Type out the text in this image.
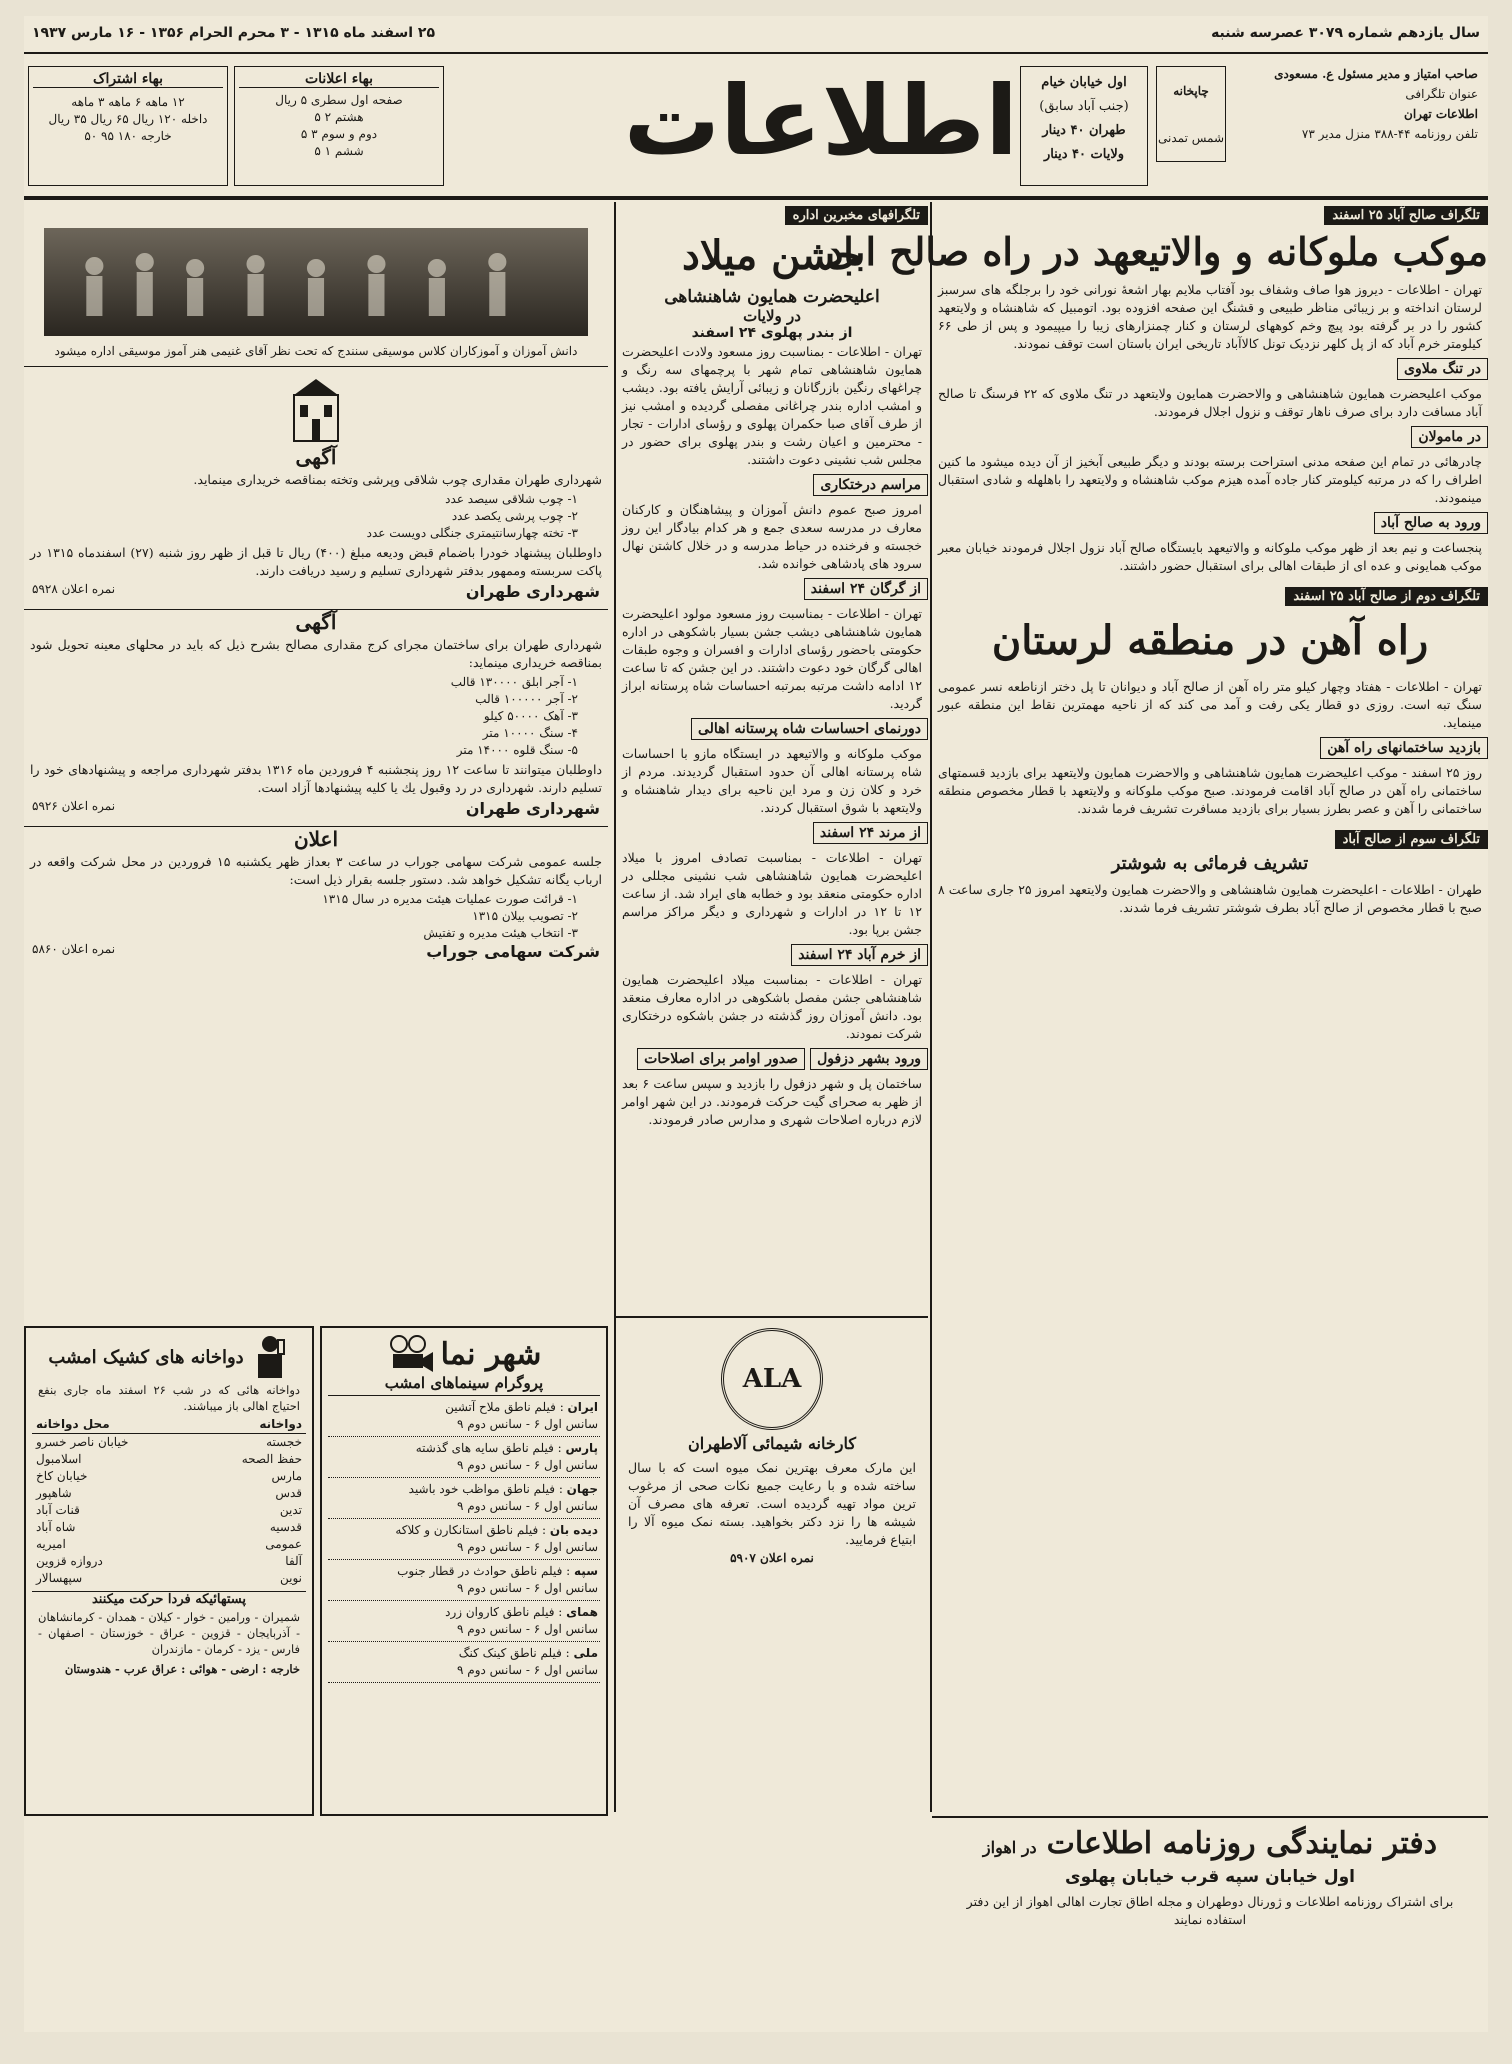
سال یازدهم شماره ۳۰۷۹ عصرسه شنبه
۲۵ اسفند ماه ۱۳۱۵ - ۳ محرم الحرام ۱۳۵۶ - ۱۶ مارس ۱۹۳۷
صاحب امتیاز و مدیر مسئول ع. مسعودی
عنوان تلگرافی
اطلاعات تهران
تلفن روزنامه ۴۴-۳۸۸ منزل مدیر ۷۳
چاپخانه
شمس تمدنی
اول خیابان خیام
(جنب آباد سابق)
طهران ۴۰ دینار
ولایات ۴۰ دینار
اطلاعات
بهاء اعلانات
صفحه اول سطری ۵ ریال
هشتم ۲ ۵
دوم و سوم ۳ ۵
ششم ۱ ۵
بهاء اشتراک
۱۲ ماهه ۶ ماهه ۳ ماهه
داخله ۱۲۰ ریال ۶۵ ریال ۳۵ ریال
خارجه ۱۸۰ ۹۵ ۵۰
تلگراف صالح آباد ۲۵ اسفند
موکب ملوکانه و والاتیعهد در راه صالح اباد
تهران - اطلاعات - دیروز هوا صاف وشفاف بود آفتاب ملایم بهار اشعهٔ نورانی خود را برجلگه های سرسبز لرستان انداخته و بر زیبائی مناظر طبیعی و قشنگ این صفحه افزوده بود. اتومبیل که شاهنشاه و ولایتعهد کشور را در بر گرفته بود پیچ وخم کوههای لرستان و کنار چمنزارهای زیبا را میپیمود و پس از طی ۶۶ کیلومتر خرم آباد که از پل کلهر نزدیک تونل کالاآباد تاریخی ایران باستان است توقف نمودند.
در تنگ ملاوی
موکب اعلیحضرت همایون شاهنشاهی و والاحضرت همایون ولایتعهد در تنگ ملاوی که ۲۲ فرسنگ تا صالح آباد مسافت دارد برای صرف ناهار توقف و نزول اجلال فرمودند.
در مامولان
چادرهائی در تمام این صفحه مدنی استراحت برسته بودند و دیگر طبیعی آبخیز از آن دیده میشود ما کنین اطراف را که در مرتبه کیلومتر کنار جاده آمده هیزم موکب شاهنشاه و ولایتعهد را باهلهله و شادی استقبال مینمودند.
ورود به صالح آباد
پنجساعت و نیم بعد از ظهر موکب ملوکانه و والاتیعهد بایستگاه صالح آباد نزول اجلال فرمودند خیابان معبر موکب همایونی و عده ای از طبقات اهالی برای استقبال حضور داشتند.
تلگراف دوم از صالح آباد ۲۵ اسفند
راه آهن در منطقه لرستان
تهران - اطلاعات - هفتاد وچهار کیلو متر راه آهن از صالح آباد و دیوانان تا پل دختر ازناطعه نسر عمومی سنگ تبه است. روزی دو قطار یکی رفت و آمد می کند که از ناحیه مهمترین نقاط این منطقه عبور مینماید.
بازدید ساختمانهای راه آهن
روز ۲۵ اسفند - موکب اعلیحضرت همایون شاهنشاهی و والاحضرت همایون ولایتعهد برای بازدید قسمتهای ساختمانی راه آهن در صالح آباد اقامت فرمودند. صبح موکب ملوکانه و ولایتعهد با قطار مخصوص منطقه ساختمانی را آهن و عصر بطرز بسیار برای بازدید مسافرت تشریف فرما شدند.
تلگراف سوم از صالح آباد
تشریف فرمائی به شوشتر
طهران - اطلاعات - اعلیحضرت همایون شاهنشاهی و والاحضرت همایون ولایتعهد امروز ۲۵ جاری ساعت ۸ صبح با قطار مخصوص از صالح آباد بطرف شوشتر تشریف فرما شدند.
تلگرافهای مخبرین اداره
جشن میلاد
اعلیحضرت همایون شاهنشاهی
در ولایات
از بندر پهلوی ۲۴ اسفند
تهران - اطلاعات - بمناسبت روز مسعود ولادت اعلیحضرت همایون شاهنشاهی تمام شهر با پرچمهای سه رنگ و چراغهای رنگین بازرگانان و زیبائی آرایش یافته بود. دیشب و امشب اداره بندر چراغانی مفصلی گردیده و امشب نیز از طرف آقای صبا حکمران پهلوی و رؤسای ادارات - تجار - محترمین و اعیان رشت و بندر پهلوی برای حضور در مجلس شب نشینی دعوت داشتند.
مراسم درختکاری
امروز صبح عموم دانش آموزان و پیشاهنگان و کارکنان معارف در مدرسه سعدی جمع و هر کدام بیادگار این روز خجسته و فرخنده در حیاط مدرسه و در خلال کاشتن نهال سرود های پادشاهی خوانده شد.
از گرگان ۲۴ اسفند
تهران - اطلاعات - بمناسبت روز مسعود مولود اعلیحضرت همایون شاهنشاهی دیشب جشن بسیار باشکوهی در اداره حکومتی باحضور رؤسای ادارات و افسران و وجوه طبقات اهالی گرگان خود دعوت داشتند. در این جشن که تا ساعت ۱۲ ادامه داشت مرتبه بمرتبه احساسات شاه پرستانه ابراز گردید.
دورنمای احساسات شاه پرستانه اهالی
موکب ملوکانه و والاتیعهد در ایستگاه مازو با احساسات شاه پرستانه اهالی آن حدود استقبال گردیدند. مردم از خرد و کلان زن و مرد این ناحیه برای دیدار شاهنشاه و ولایتعهد با شوق استقبال کردند.
از مرند ۲۴ اسفند
تهران - اطلاعات - بمناسبت تصادف امروز با میلاد اعلیحضرت همایون شاهنشاهی شب نشینی مجللی در اداره حکومتی منعقد بود و خطابه های ایراد شد. از ساعت ۱۲ تا ۱۲ در ادارات و شهرداری و دیگر مراکز مراسم جشن برپا بود.
از خرم آباد ۲۴ اسفند
تهران - اطلاعات - بمناسبت میلاد اعلیحضرت همایون شاهنشاهی جشن مفصل باشکوهی در اداره معارف منعقد بود. دانش آموزان روز گذشته در جشن باشکوه درختکاری شرکت نمودند.
ورود بشهر دزفول صدور اوامر برای اصلاحات
ساختمان پل و شهر دزفول را بازدید و سپس ساعت ۶ بعد از ظهر به صحرای گیت حرکت فرمودند. در این شهر اوامر لازم درباره اصلاحات شهری و مدارس صادر فرمودند.
ALA
کارخانه شیمائی آلاطهران
این مارک معرف بهترین نمک میوه است که با سال ساخته شده و با رعایت جمیع نکات صحی از مرغوب ترین مواد تهیه گردیده است. تعرفه های مصرف آن شیشه ها را نزد دکتر بخواهید. بسته نمک میوه آلا را ابتیاع فرمایید.
نمره اعلان ۵۹۰۷
دانش آموزان و آموزکاران کلاس موسیقی سنندج که تحت نظر آقای غنیمی هنر آموز موسیقی اداره میشود
آگهی
شهرداری طهران مقداری چوب شلاقی وپرشی وتخته بمناقصه خریداری مینماید.
۱- چوب شلاقی سیصد عدد
۲- چوب پرشی یکصد عدد
۳- تخته چهارسانتیمتری جنگلی دویست عدد
داوطلبان پیشنهاد خودرا باضمام قبض ودیعه مبلغ (۴۰۰) ریال تا قبل از ظهر روز شنبه (۲۷) اسفندماه ۱۳۱۵ در پاکت سربسته وممهور بدفتر شهرداری تسلیم و رسید دریافت دارند.
شهرداری طهران
نمره اعلان ۵۹۲۸
آگهی
شهرداری طهران برای ساختمان مجرای کرج مقداری مصالح بشرح ذیل که باید در محلهای معینه تحویل شود بمناقصه خریداری مینماید:
۱- آجر ابلق ۱۳۰۰۰۰ قالب
۲- آجر ۱۰۰۰۰۰ قالب
۳- آهک ۵۰۰۰۰ کیلو
۴- سنگ ۱۰۰۰۰ متر
۵- سنگ قلوه ۱۴۰۰۰ متر
داوطلبان میتوانند تا ساعت ۱۲ روز پنجشنبه ۴ فروردین ماه ۱۳۱۶ بدفتر شهرداری مراجعه و پیشنهادهای خود را تسلیم دارند. شهرداری در رد وقبول یك یا کلیه پیشنهادها آزاد است.
شهرداری طهران
نمره اعلان ۵۹۲۶
اعلان
جلسه عمومی شرکت سهامی جوراب در ساعت ۳ بعداز ظهر یکشنبه ۱۵ فروردین در محل شرکت واقعه در ارباب یگانه تشکیل خواهد شد. دستور جلسه بقرار ذیل است:
۱- قرائت صورت عملیات هیئت مدیره در سال ۱۳۱۵
۲- تصویب بیلان ۱۳۱۵
۳- انتخاب هیئت مدیره و تفتیش
شرکت سهامی جوراب
نمره اعلان ۵۸۶۰
شهر نما
پروگرام سینماهای امشب
ایران : فیلم ناطق ملاح آتشین
سانس اول ۶ - سانس دوم ۹
پارس : فیلم ناطق سایه های گذشته
سانس اول ۶ - سانس دوم ۹
جهان : فیلم ناطق مواظب خود باشید
سانس اول ۶ - سانس دوم ۹
دیده بان : فیلم ناطق استانکارن و کلاکه
سانس اول ۶ - سانس دوم ۹
سپه : فیلم ناطق حوادث در قطار جنوب
سانس اول ۶ - سانس دوم ۹
همای : فیلم ناطق کاروان زرد
سانس اول ۶ - سانس دوم ۹
ملی : فیلم ناطق کینک کنگ
سانس اول ۶ - سانس دوم ۹
دواخانه های کشیک امشب
دواخانه هائی که در شب ۲۶ اسفند ماه جاری بنفع احتیاج اهالی باز میباشند.
دواخانه
محل دواخانه
خجسته
خیابان ناصر خسرو
حفظ الصحه
اسلامبول
مارس
خیابان کاخ
قدس
شاهپور
تدین
قنات آباد
قدسیه
شاه آباد
عمومی
امیریه
آلفا
دروازه قزوین
نوین
سپهسالار
پستهائیکه فردا حرکت میکنند
شمیران - ورامین - خوار - کیلان - همدان - کرمانشاهان - آذربایجان - قزوین - عراق - خوزستان - اصفهان - فارس - یزد - کرمان - مازندران
خارجه : ارضی - هوائی : عراق عرب - هندوستان
دفتر نمایندگی روزنامه اطلاعات
در اهواز
اول خیابان سپه قرب خیابان پهلوی
برای اشتراک روزنامه اطلاعات و ژورنال دوطهران و مجله اطاق تجارت اهالی اهواز از این دفتر استفاده نمایند
